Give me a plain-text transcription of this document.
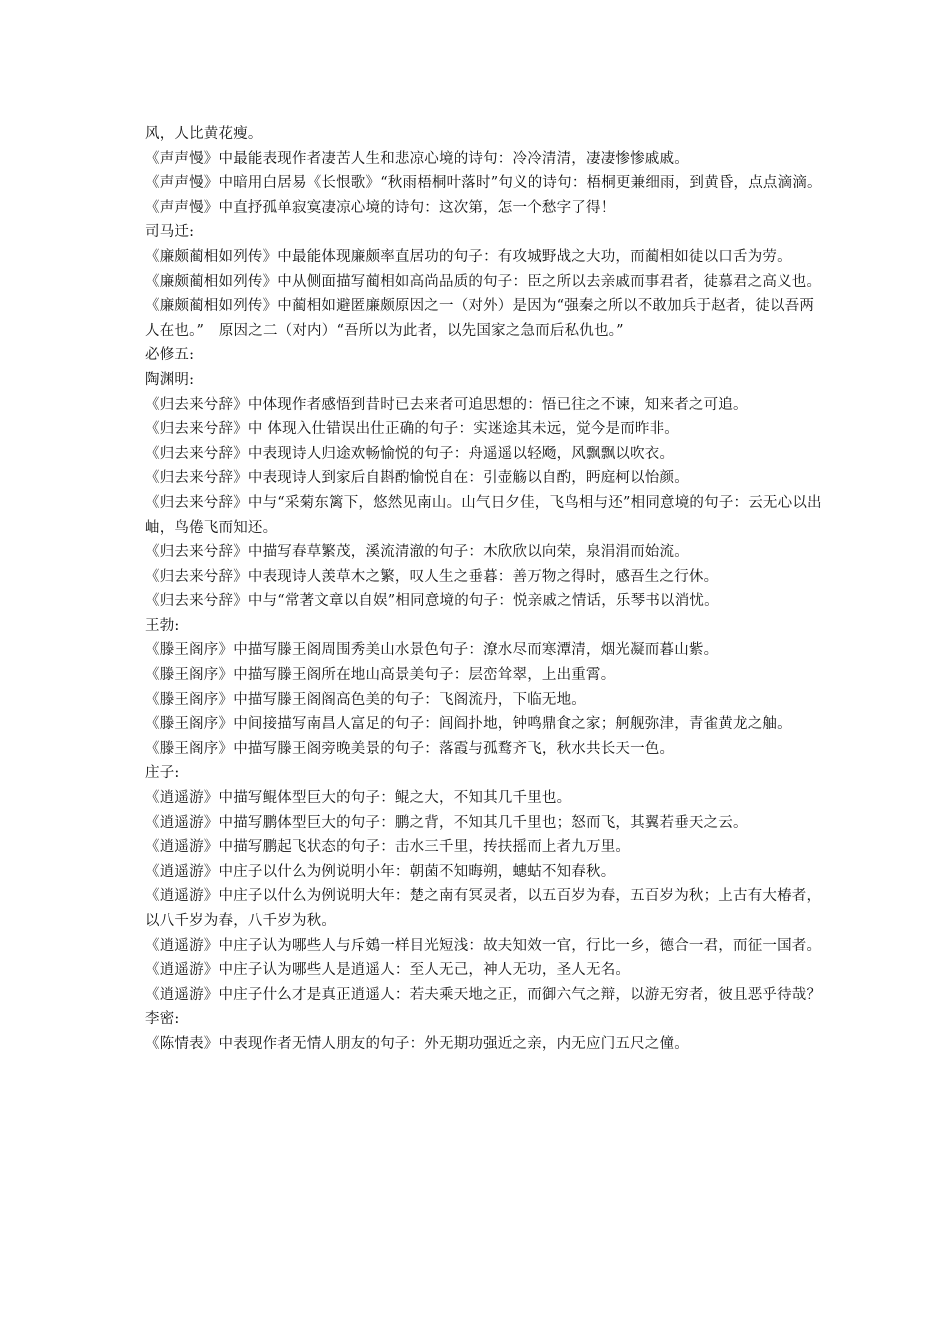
风，人比黄花瘦。

《声声慢》中最能表现作者凄苦人生和悲凉心境的诗句：冷冷清清，凄凄惨惨戚戚。

《声声慢》中暗用白居易《长恨歌》“秋雨梧桐叶落时”句义的诗句：梧桐更兼细雨，到黄昏，点点滴滴。

《声声慢》中直抒孤单寂寞凄凉心境的诗句：这次第，怎一个愁字了得！

司马迁:

《廉颇蔺相如列传》中最能体现廉颇率直居功的句子：有攻城野战之大功，而蔺相如徒以口舌为劳。

《廉颇蔺相如列传》中从侧面描写蔺相如高尚品质的句子：臣之所以去亲戚而事君者，徒慕君之高义也。

《廉颇蔺相如列传》中蔺相如避匿廉颇原因之一（对外）是因为“强秦之所以不敢加兵于赵者，徒以吾两人在也。”　原因之二（对内）“吾所以为此者，以先国家之急而后私仇也。”

必修五:

陶渊明:

《归去来兮辞》中体现作者感悟到昔时已去来者可追思想的：悟已往之不谏，知来者之可追。

《归去来兮辞》中 体现入仕错误出仕正确的句子：实迷途其未远，觉今是而昨非。

《归去来兮辞》中表现诗人归途欢畅愉悦的句子：舟遥遥以轻飏，风飘飘以吹衣。

《归去来兮辞》中表现诗人到家后自斟酌愉悦自在：引壶觞以自酌，眄庭柯以怡颜。

《归去来兮辞》中与“采菊东篱下，悠然见南山。山气日夕佳，飞鸟相与还”相同意境的句子：云无心以出岫，鸟倦飞而知还。

《归去来兮辞》中描写春草繁茂，溪流清澈的句子：木欣欣以向荣，泉涓涓而始流。

《归去来兮辞》中表现诗人羡草木之繁，叹人生之垂暮：善万物之得时，感吾生之行休。

《归去来兮辞》中与“常著文章以自娱”相同意境的句子：悦亲戚之情话，乐琴书以消忧。

王勃:

《滕王阁序》中描写滕王阁周围秀美山水景色句子：潦水尽而寒潭清，烟光凝而暮山紫。

《滕王阁序》中描写滕王阁所在地山高景美句子：层峦耸翠，上出重霄。

《滕王阁序》中描写滕王阁阁高色美的句子：飞阁流丹，下临无地。

《滕王阁序》中间接描写南昌人富足的句子：闾阎扑地，钟鸣鼎食之家；舸舰弥津，青雀黄龙之舳。

《滕王阁序》中描写滕王阁旁晚美景的句子：落霞与孤鹜齐飞，秋水共长天一色。

庄子:

《逍遥游》中描写鲲体型巨大的句子：鲲之大，不知其几千里也。

《逍遥游》中描写鹏体型巨大的句子：鹏之背，不知其几千里也；怒而飞，其翼若垂天之云。

《逍遥游》中描写鹏起飞状态的句子：击水三千里，抟扶摇而上者九万里。

《逍遥游》中庄子以什么为例说明小年：朝菌不知晦朔，蟪蛄不知春秋。

《逍遥游》中庄子以什么为例说明大年：楚之南有冥灵者，以五百岁为春，五百岁为秋；上古有大椿者，以八千岁为春，八千岁为秋。

《逍遥游》中庄子认为哪些人与斥鴳一样目光短浅：故夫知效一官，行比一乡，德合一君，而征一国者。

《逍遥游》中庄子认为哪些人是逍遥人：至人无己，神人无功，圣人无名。

《逍遥游》中庄子什么才是真正逍遥人：若夫乘天地之正，而御六气之辩，以游无穷者，彼且恶乎待哉？

李密:

《陈情表》中表现作者无情人朋友的句子：外无期功强近之亲，内无应门五尺之僮。
